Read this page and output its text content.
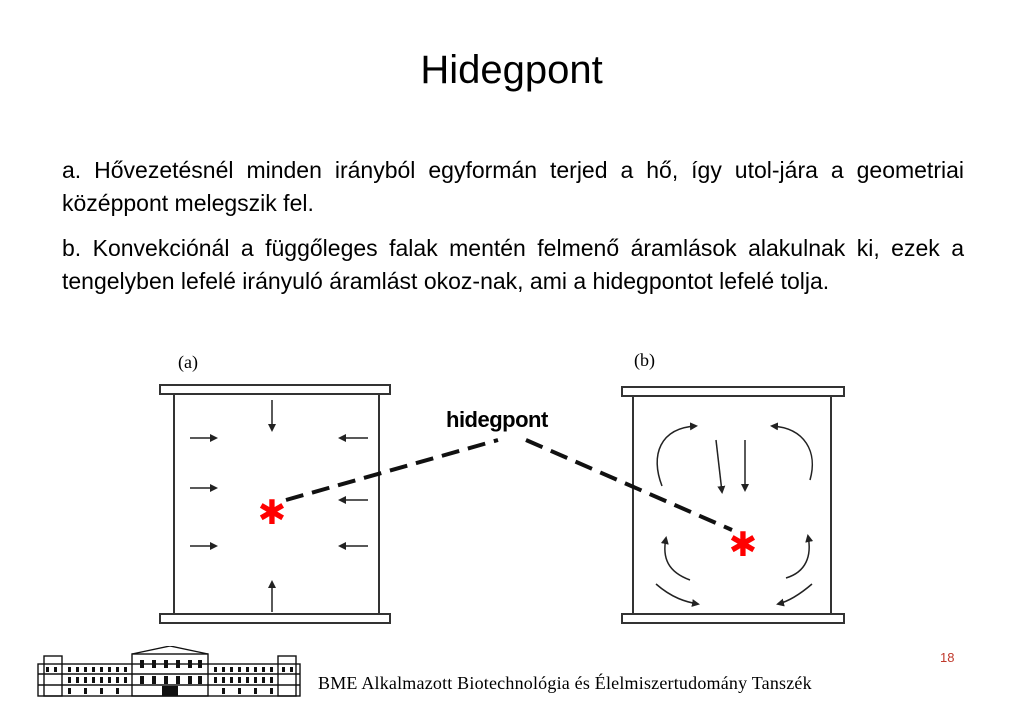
Hidegpont

a. Hővezetésnél minden irányból egyformán terjed a hő, így utol-jára a geometriai középpont melegszik fel.

b. Konvekciónál a függőleges falak mentén felmenő áramlások alakulnak ki, ezek a tengelyben lefelé irányuló áramlást okoz-nak, ami a hidegpontot lefelé tolja.

(a)	(b)
✱
✱
hidegpont
BME Alkalmazott Biotechnológia és Élelmiszertudomány Tanszék
18
